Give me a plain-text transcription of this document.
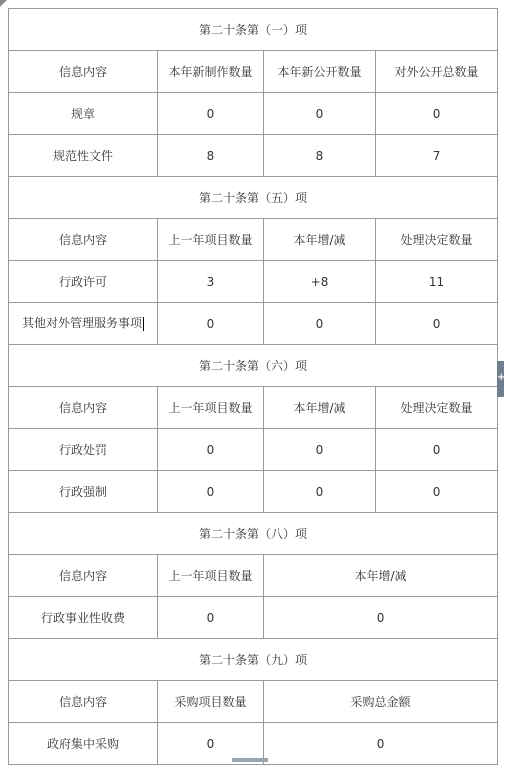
第二十条第（一）项			
信息内容	本年新制作数量	本年新公开数量	对外公开总数量
规章	0	0	0
规范性文件	8	8	7
第二十条第（五）项			
信息内容	上一年项目数量	本年增/减	处理决定数量
行政许可	3	+8	11
其他对外管理服务事项	0	0	0
第二十条第（六）项			
信息内容	上一年项目数量	本年增/减	处理决定数量
行政处罚	0	0	0
行政强制	0	0	0
第二十条第（八）项			
信息内容	上一年项目数量	本年增/减	
行政事业性收费	0	0	
第二十条第（九）项			
信息内容	采购项目数量	采购总金额	
政府集中采购	0	0	
+
